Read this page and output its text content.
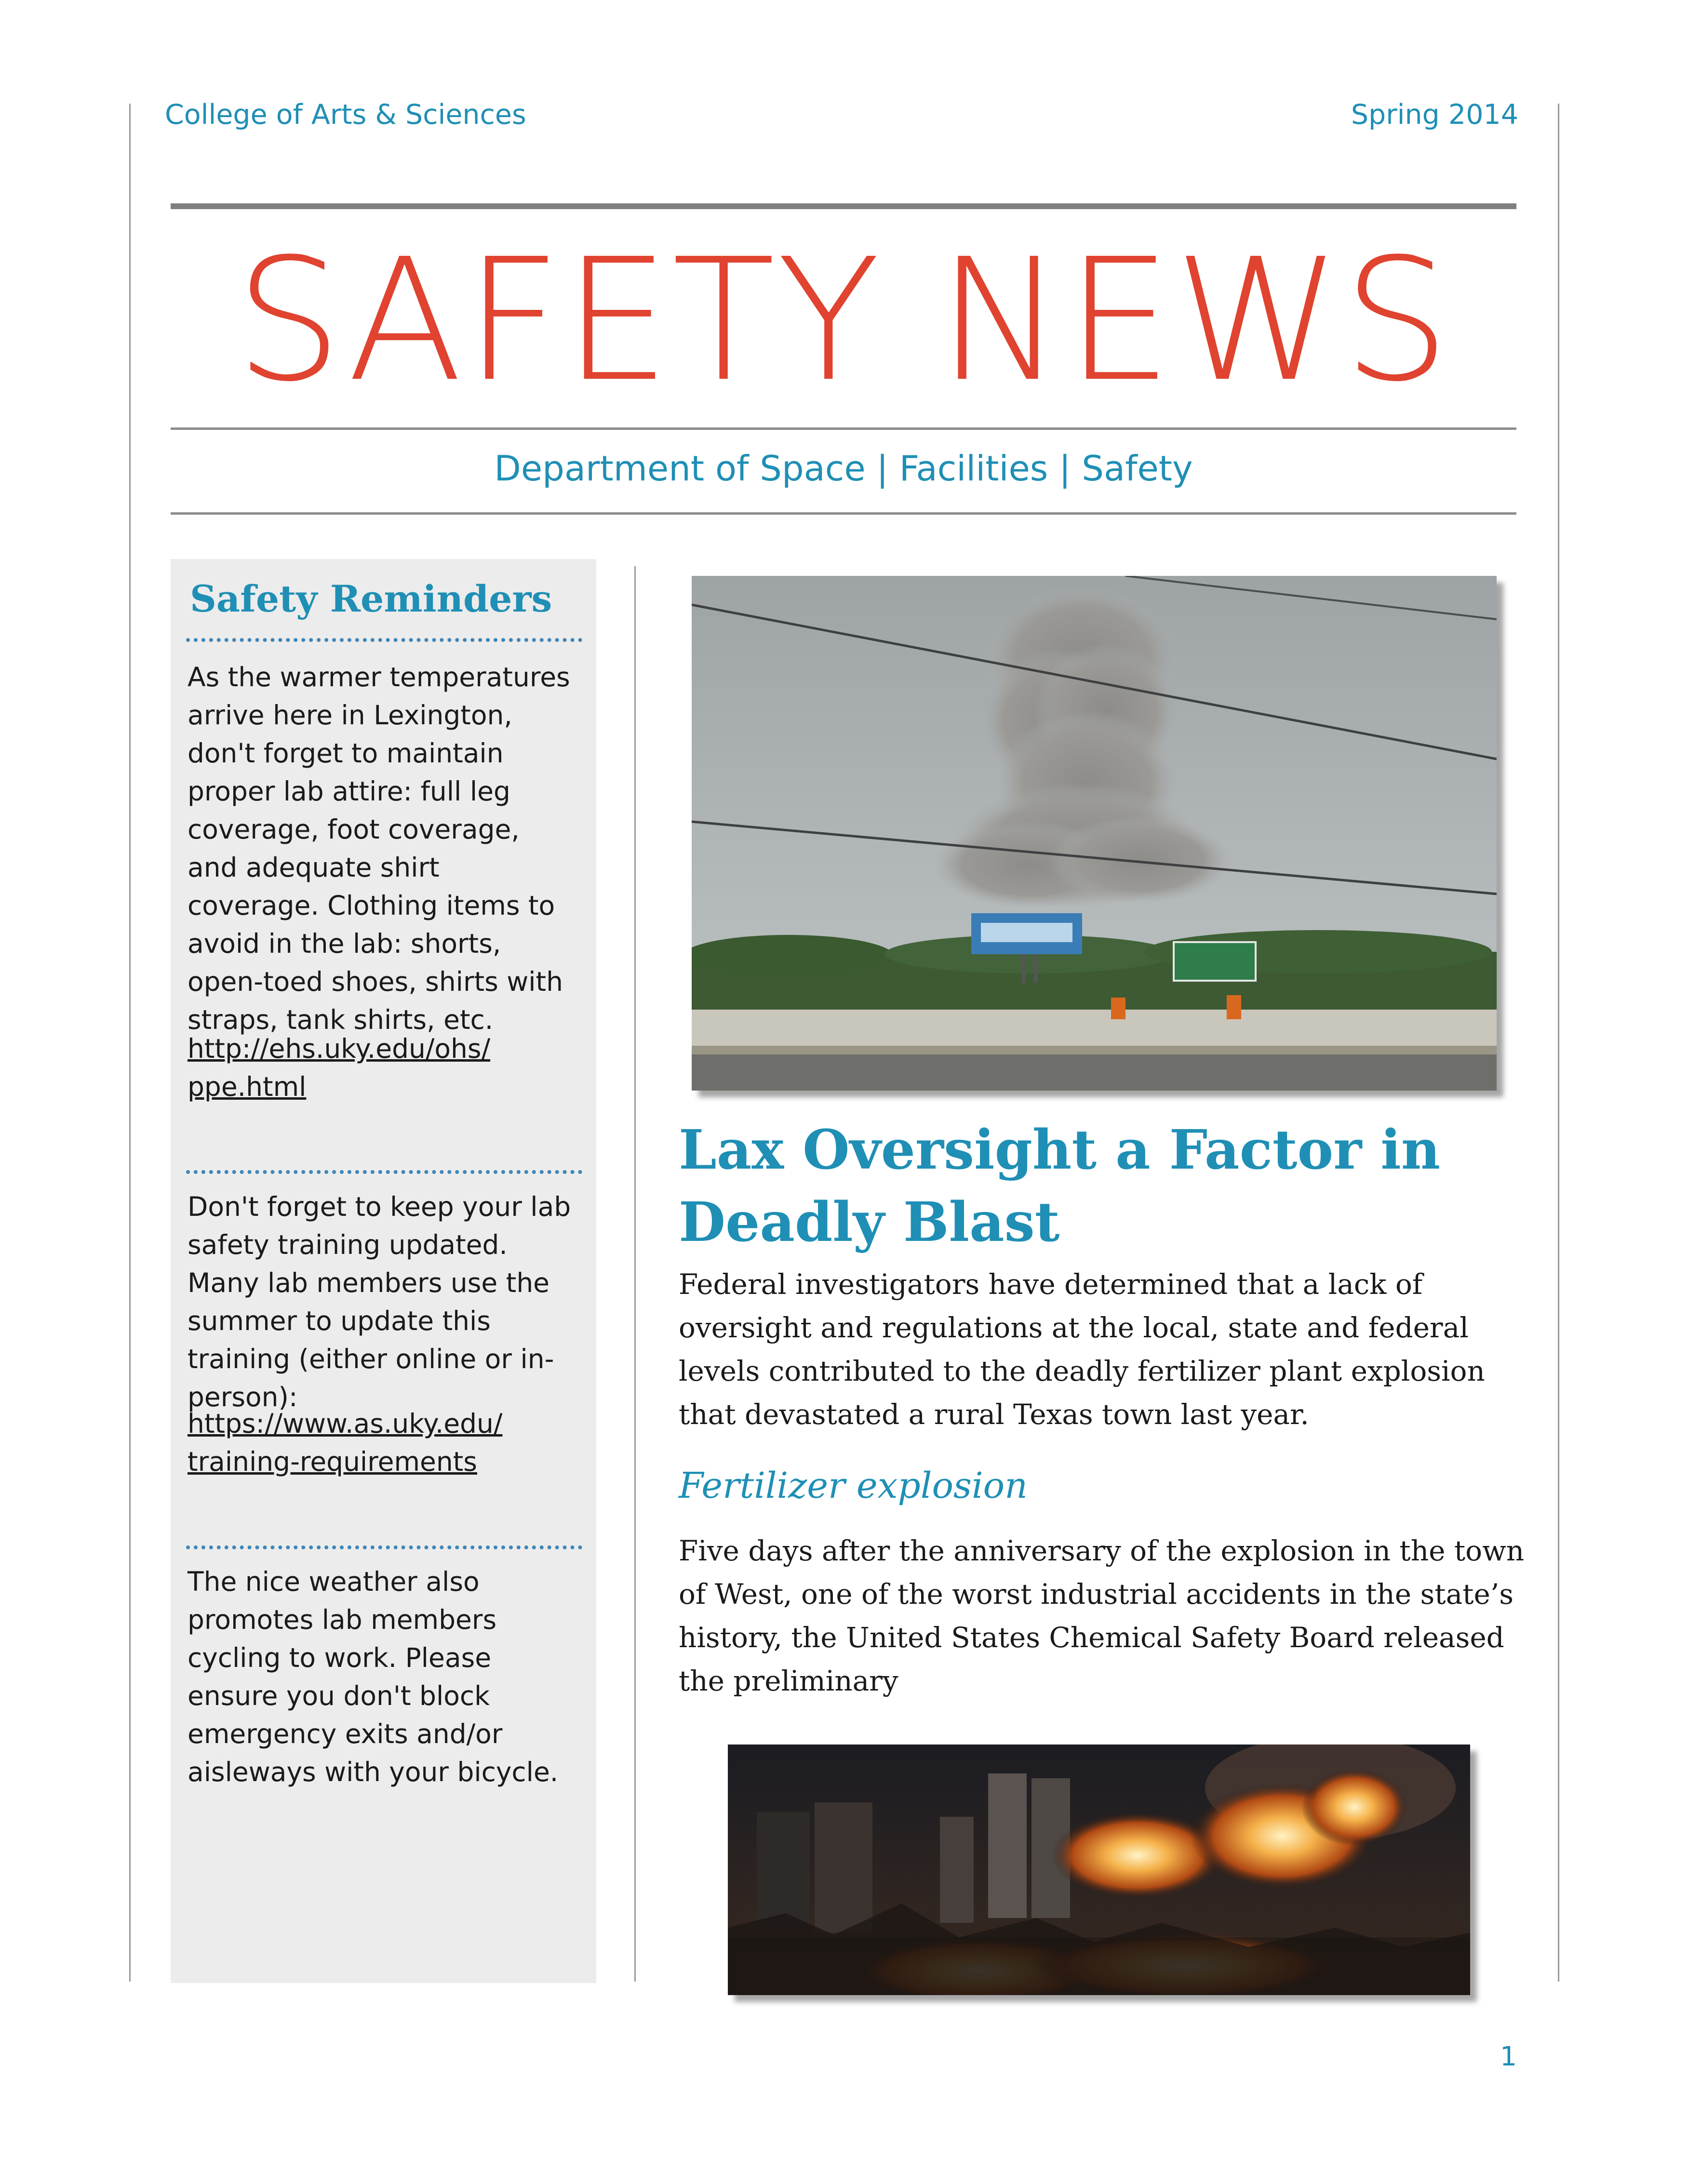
College of Arts & Sciences	Spring 2014
SAFETY NEWS
Department of Space | Facilities | Safety
Safety Reminders
As the warmer temperatures arrive here in Lexington, don't forget to maintain proper lab attire: full leg coverage, foot coverage, and adequate shirt coverage. Clothing items to avoid in the lab: shorts, open-toed shoes, shirts with straps, tank shirts, etc.
http://ehs.uky.edu/ohs/
ppe.html
Don't forget to keep your lab safety training updated. Many lab members use the summer to update this training (either online or in-person):
https://www.as.uky.edu/
training-requirements
The nice weather also promotes lab members cycling to work. Please ensure you don't block emergency exits and/or aisleways with your bicycle.
Lax Oversight a Factor in Deadly Blast
Federal investigators have determined that a lack of oversight and regulations at the local, state and federal levels contributed to the deadly fertilizer plant explosion that devastated a rural Texas town last year.
Fertilizer explosion
Five days after the anniversary of the explosion in the town of West, one of the worst industrial accidents in the state’s history, the United States Chemical Safety Board released the preliminary
1
